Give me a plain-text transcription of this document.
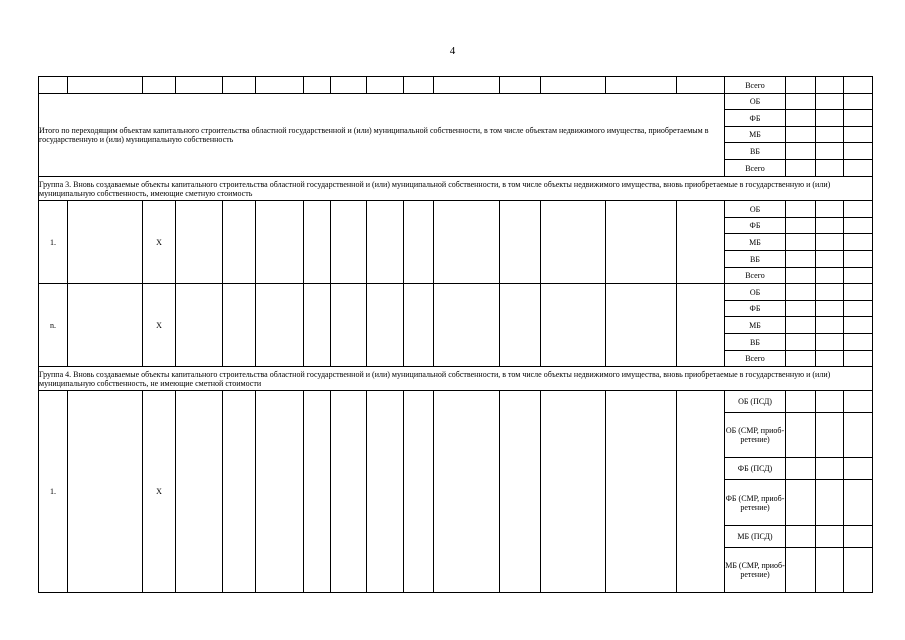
4
															Всего				
Итого по переходящим объектам капитального строительства областной государственной и (или) муниципальной собственности, в том числе объектам недвижимого имущества, приобретаемым в государственную и (или) муниципальную собственность															ОБ				
															ФБ				
															МБ				
															ВБ				
															Всего				
Группа 3. Вновь создаваемые объекты капитального строительства областной государственной и (или) муниципальной собственности, в том числе объекты недвижимого имущества, вновь приобретаемые в государственную и (или) муниципальную собственность, имеющие сметную стоимость																			
1.		X													ОБ				
															ФБ				
															МБ				
															ВБ				
															Всего				
n.		X													ОБ				
															ФБ				
															МБ				
															ВБ				
															Всего				
Группа 4. Вновь создаваемые объекты капитального строительства областной государственной и (или) муниципальной собственности, в том числе объекты недвижимого имущества, вновь приобретаемые в государственную и (или) муниципальную собственность, не имеющие сметной стоимости																			
1.		X													ОБ (ПСД)				
															ОБ (СМР, приоб-ретение)				
															ФБ (ПСД)				
															ФБ (СМР, приоб-ретение)				
															МБ (ПСД)				
															МБ (СМР, приоб-ретение)				
